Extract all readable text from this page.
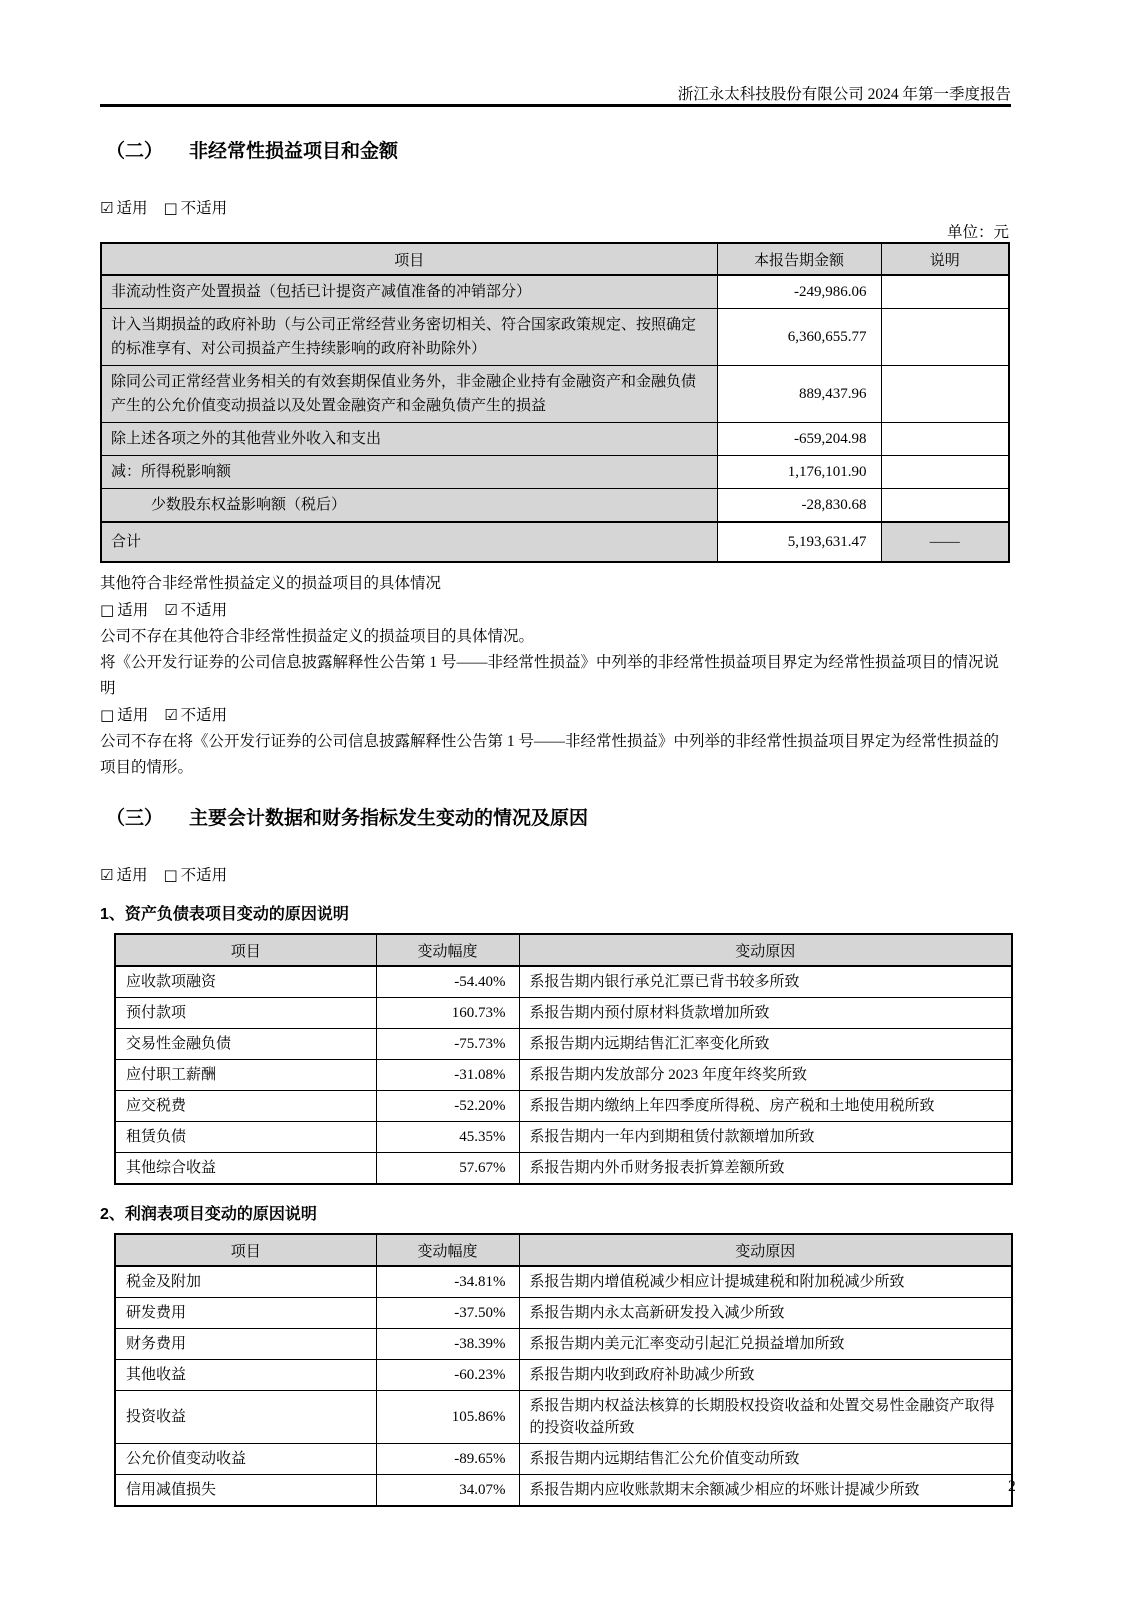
浙江永太科技股份有限公司 2024 年第一季度报告
（二） 非经常性损益项目和金额
☑ 适用 □ 不适用
单位：元
项目	本报告期金额	说明
非流动性资产处置损益（包括已计提资产减值准备的冲销部分）	-249,986.06	
计入当期损益的政府补助（与公司正常经营业务密切相关、符合国家政策规定、按照确定的标准享有、对公司损益产生持续影响的政府补助除外）	6,360,655.77	
除同公司正常经营业务相关的有效套期保值业务外，非金融企业持有金融资产和金融负债产生的公允价值变动损益以及处置金融资产和金融负债产生的损益	889,437.96	
除上述各项之外的其他营业外收入和支出	-659,204.98	
减：所得税影响额	1,176,101.90	
少数股东权益影响额（税后）	-28,830.68	
合计	5,193,631.47	——

其他符合非经常性损益定义的损益项目的具体情况

□ 适用 ☑ 不适用

公司不存在其他符合非经常性损益定义的损益项目的具体情况。

将《公开发行证券的公司信息披露解释性公告第 1 号——非经常性损益》中列举的非经常性损益项目界定为经常性损益项目的情况说明

□ 适用 ☑ 不适用

公司不存在将《公开发行证券的公司信息披露解释性公告第 1 号——非经常性损益》中列举的非经常性损益项目界定为经常性损益的项目的情形。

（三） 主要会计数据和财务指标发生变动的情况及原因
☑ 适用 □ 不适用
1、资产负债表项目变动的原因说明
项目	变动幅度	变动原因
应收款项融资	-54.40%	系报告期内银行承兑汇票已背书较多所致
预付款项	160.73%	系报告期内预付原材料货款增加所致
交易性金融负债	-75.73%	系报告期内远期结售汇汇率变化所致
应付职工薪酬	-31.08%	系报告期内发放部分 2023 年度年终奖所致
应交税费	-52.20%	系报告期内缴纳上年四季度所得税、房产税和土地使用税所致
租赁负债	45.35%	系报告期内一年内到期租赁付款额增加所致
其他综合收益	57.67%	系报告期内外币财务报表折算差额所致
2、利润表项目变动的原因说明
项目	变动幅度	变动原因
税金及附加	-34.81%	系报告期内增值税减少相应计提城建税和附加税减少所致
研发费用	-37.50%	系报告期内永太高新研发投入减少所致
财务费用	-38.39%	系报告期内美元汇率变动引起汇兑损益增加所致
其他收益	-60.23%	系报告期内收到政府补助减少所致
投资收益	105.86%	系报告期内权益法核算的长期股权投资收益和处置交易性金融资产取得的投资收益所致
公允价值变动收益	-89.65%	系报告期内远期结售汇公允价值变动所致
信用减值损失	34.07%	系报告期内应收账款期末余额减少相应的坏账计提减少所致	2
